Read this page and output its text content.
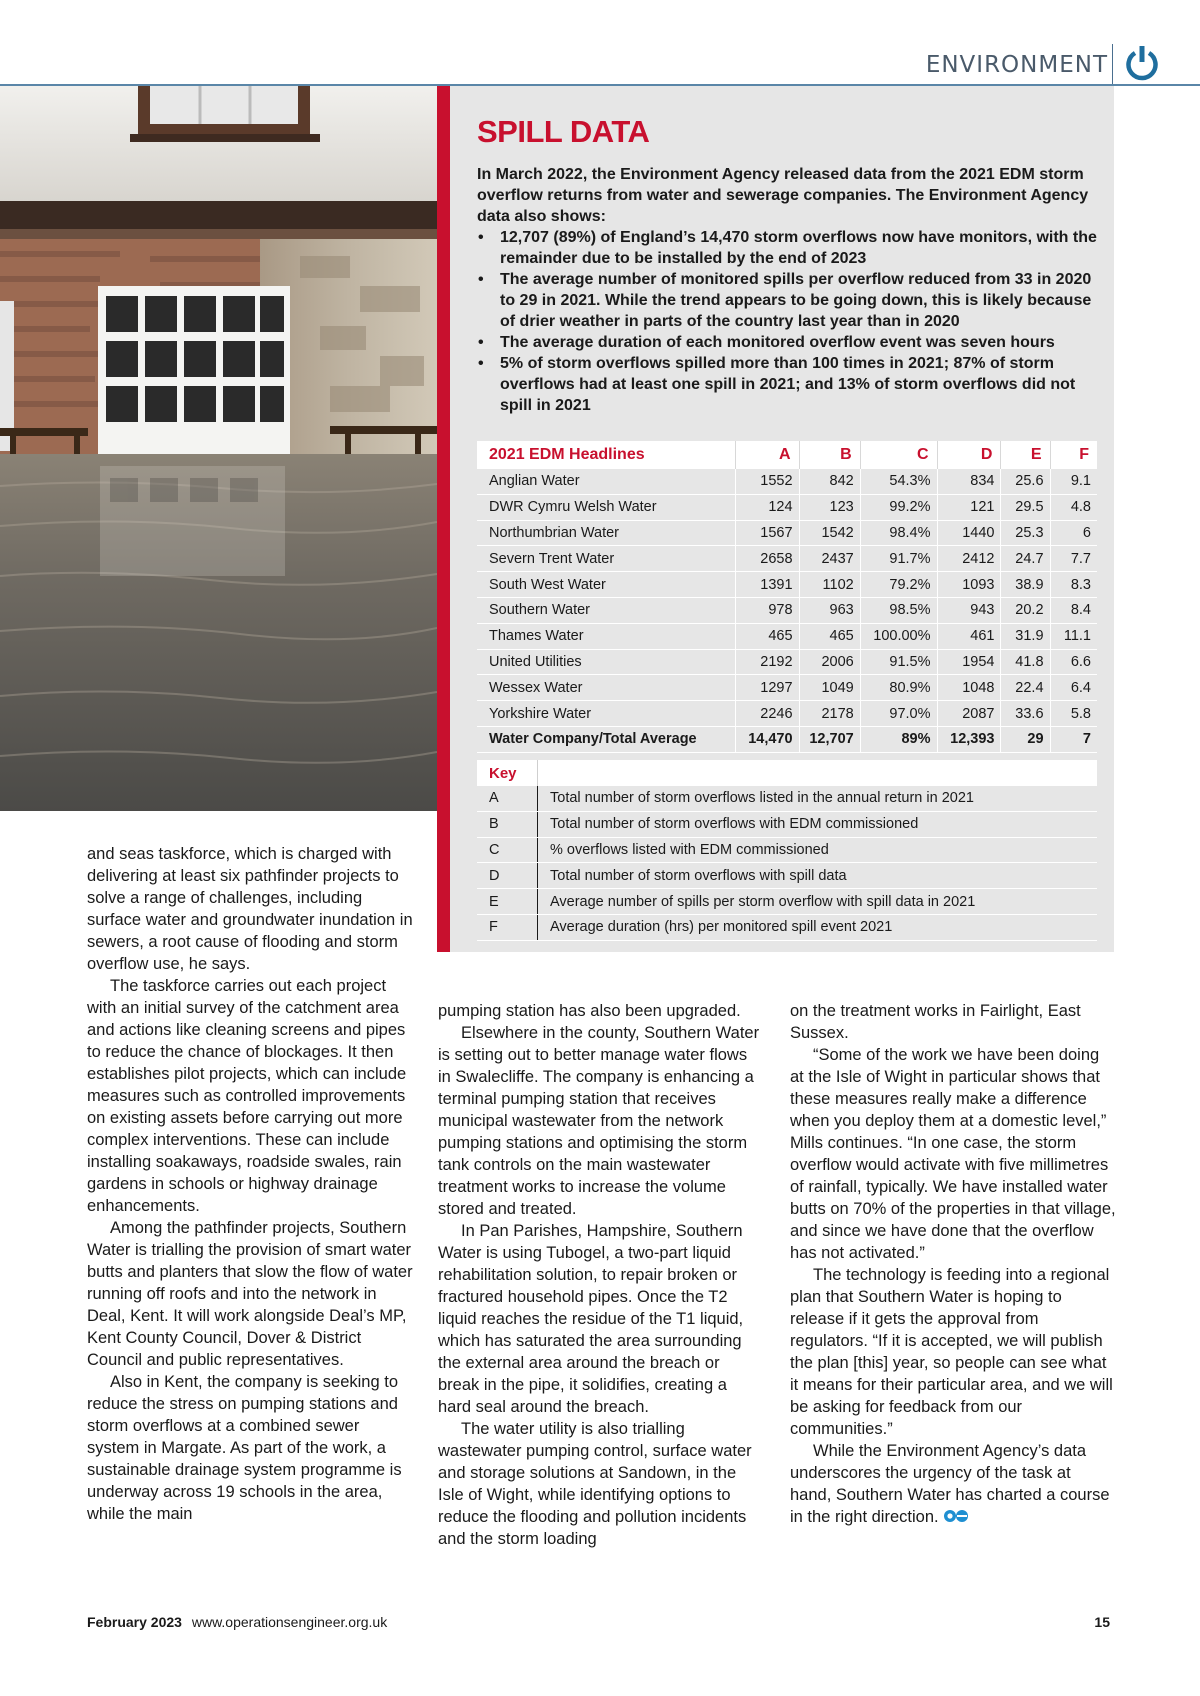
ENVIRONMENT
SPILL DATA
In March 2022, the Environment Agency released data from the 2021 EDM storm overflow returns from water and sewerage companies. The Environment Agency data also shows:
• 12,707 (89%) of England’s 14,470 storm overflows now have monitors, with the remainder due to be installed by the end of 2023
• The average number of monitored spills per overflow reduced from 33 in 2020 to 29 in 2021. While the trend appears to be going down, this is likely because of drier weather in parts of the country last year than in 2020
• The average duration of each monitored overflow event was seven hours
• 5% of storm overflows spilled more than 100 times in 2021; 87% of storm overflows had at least one spill in 2021; and 13% of storm overflows did not spill in 2021
2021 EDM Headlines	A	B	C	D	E	F
Anglian Water	1552	842	54.3%	834	25.6	9.1
DWR Cymru Welsh Water	124	123	99.2%	121	29.5	4.8
Northumbrian Water	1567	1542	98.4%	1440	25.3	6
Severn Trent Water	2658	2437	91.7%	2412	24.7	7.7
South West Water	1391	1102	79.2%	1093	38.9	8.3
Southern Water	978	963	98.5%	943	20.2	8.4
Thames Water	465	465	100.00%	461	31.9	11.1
United Utilities	2192	2006	91.5%	1954	41.8	6.6
Wessex Water	1297	1049	80.9%	1048	22.4	6.4
Yorkshire Water	2246	2178	97.0%	2087	33.6	5.8
Water Company/Total Average	14,470	12,707	89%	12,393	29	7
Key	
A	Total number of storm overflows listed in the annual return in 2021
B	Total number of storm overflows with EDM commissioned
C	% overflows listed with EDM commissioned
D	Total number of storm overflows with spill data
E	Average number of spills per storm overflow with spill data in 2021
F	Average duration (hrs) per monitored spill event 2021

and seas taskforce, which is charged with delivering at least six pathfinder projects to solve a range of challenges, including surface water and groundwater inundation in sewers, a root cause of flooding and storm overflow use, he says.

The taskforce carries out each project with an initial survey of the catchment area and actions like cleaning screens and pipes to reduce the chance of blockages. It then establishes pilot projects, which can include measures such as controlled improvements on existing assets before carrying out more complex interventions. These can include installing soakaways, roadside swales, rain gardens in schools or highway drainage enhancements.

Among the pathfinder projects, Southern Water is trialling the provision of smart water butts and planters that slow the flow of water running off roofs and into the network in Deal, Kent. It will work alongside Deal’s MP, Kent County Council, Dover & District Council and public representatives.

Also in Kent, the company is seeking to reduce the stress on pumping stations and storm overflows at a combined sewer system in Margate. As part of the work, a sustainable drainage system programme is underway across 19 schools in the area, while the main

pumping station has also been upgraded.

Elsewhere in the county, Southern Water is setting out to better manage water flows in Swalecliffe. The company is enhancing a terminal pumping station that receives municipal wastewater from the network pumping stations and optimising the storm tank controls on the main wastewater treatment works to increase the volume stored and treated.

In Pan Parishes, Hampshire, Southern Water is using Tubogel, a two-part liquid rehabilitation solution, to repair broken or fractured household pipes. Once the T2 liquid reaches the residue of the T1 liquid, which has saturated the area surrounding the external area around the breach or break in the pipe, it solidifies, creating a hard seal around the breach.

The water utility is also trialling wastewater pumping control, surface water and storage solutions at Sandown, in the Isle of Wight, while identifying options to reduce the flooding and pollution incidents and the storm loading

on the treatment works in Fairlight, East Sussex.

“Some of the work we have been doing at the Isle of Wight in particular shows that these measures really make a difference when you deploy them at a domestic level,” Mills continues. “In one case, the storm overflow would activate with five millimetres of rainfall, typically. We have installed water butts on 70% of the properties in that village, and since we have done that the overflow has not activated.”

The technology is feeding into a regional plan that Southern Water is hoping to release if it gets the approval from regulators. “If it is accepted, we will publish the plan [this] year, so people can see what it means for their particular area, and we will be asking for feedback from our communities.”

While the Environment Agency’s data underscores the urgency of the task at hand, Southern Water has charted a course in the right direction.

February 2023 www.operationsengineer.org.uk	15
